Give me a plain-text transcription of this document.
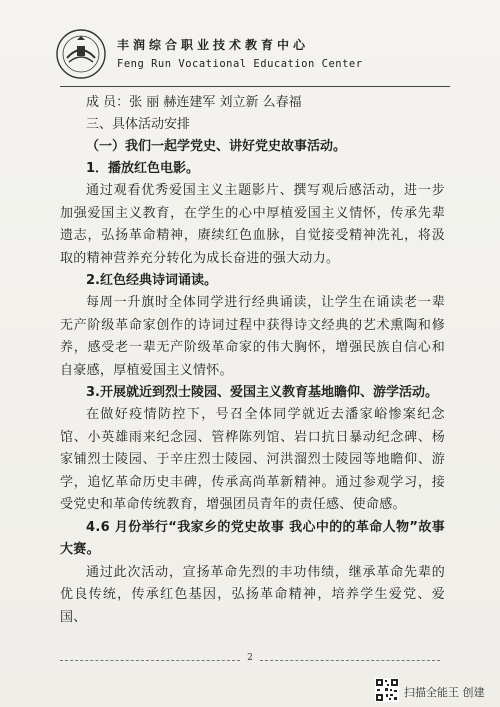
丰润综合职业技术教育中心
Feng Run Vocational Education Center
成 员：张 丽 赫连建军 刘立新 么春福
三、具体活动安排
（一）我们一起学党史、讲好党史故事活动。
1．播放红色电影。
通过观看优秀爱国主义主题影片、撰写观后感活动，进一步加强爱国主义教育，在学生的心中厚植爱国主义情怀，传承先辈遗志，弘扬革命精神，赓续红色血脉，自觉接受精神洗礼，将汲取的精神营养充分转化为成长奋进的强大动力。
2.红色经典诗词诵读。
每周一升旗时全体同学进行经典诵读，让学生在诵读老一辈无产阶级革命家创作的诗词过程中获得诗文经典的艺术熏陶和修养，感受老一辈无产阶级革命家的伟大胸怀，增强民族自信心和自豪感，厚植爱国主义情怀。
3.开展就近到烈士陵园、爱国主义教育基地瞻仰、游学活动。
在做好疫情防控下，号召全体同学就近去潘家峪惨案纪念馆、小英雄雨来纪念园、管桦陈列馆、岩口抗日暴动纪念碑、杨家铺烈士陵园、于辛庄烈士陵园、河洪溜烈士陵园等地瞻仰、游学，追忆革命历史丰碑，传承高尚革新精神。通过参观学习，接受党史和革命传统教育，增强团员青年的责任感、使命感。
4.6 月份举行“我家乡的党史故事 我心中的的革命人物”故事大赛。
通过此次活动，宣扬革命先烈的丰功伟绩，继承革命先辈的优良传统，传承红色基因，弘扬革命精神，培养学生爱党、爱国、
2
扫描全能王 创建
